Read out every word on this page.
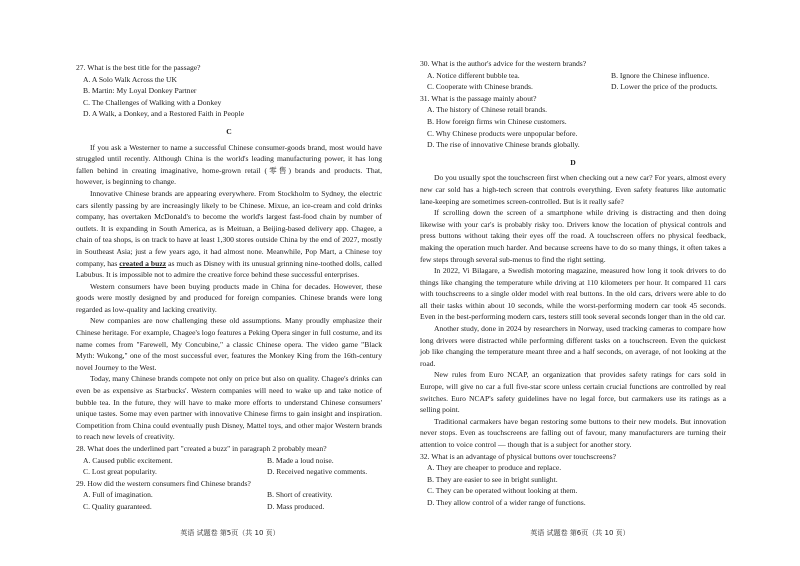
27. What is the best title for the passage?

A. A Solo Walk Across the UK

B. Martin: My Loyal Donkey Partner

C. The Challenges of Walking with a Donkey

D. A Walk, a Donkey, and a Restored Faith in People

C

If you ask a Westerner to name a successful Chinese consumer-goods brand, most would have struggled until recently. Although China is the world's leading manufacturing power, it has long fallen behind in creating imaginative, home-grown retail (零售) brands and products. That, however, is beginning to change.

Innovative Chinese brands are appearing everywhere. From Stockholm to Sydney, the electric cars silently passing by are increasingly likely to be Chinese. Mixue, an ice-cream and cold drinks company, has overtaken McDonald's to become the world's largest fast-food chain by number of outlets. It is expanding in South America, as is Meituan, a Beijing-based delivery app. Chagee, a chain of tea shops, is on track to have at least 1,300 stores outside China by the end of 2027, mostly in Southeast Asia; just a few years ago, it had almost none. Meanwhile, Pop Mart, a Chinese toy company, has created a buzz as much as Disney with its unusual grinning nine-toothed dolls, called Labubus. It is impossible not to admire the creative force behind these successful enterprises.

Western consumers have been buying products made in China for decades. However, these goods were mostly designed by and produced for foreign companies. Chinese brands were long regarded as low-quality and lacking creativity.

New companies are now challenging these old assumptions. Many proudly emphasize their Chinese heritage. For example, Chagee's logo features a Peking Opera singer in full costume, and its name comes from "Farewell, My Concubine," a classic Chinese opera. The video game "Black Myth: Wukong," one of the most successful ever, features the Monkey King from the 16th-century novel Journey to the West.

Today, many Chinese brands compete not only on price but also on quality. Chagee's drinks can even be as expensive as Starbucks'. Western companies will need to wake up and take notice of bubble tea. In the future, they will have to make more efforts to understand Chinese consumers' unique tastes. Some may even partner with innovative Chinese firms to gain insight and inspiration. Competition from China could eventually push Disney, Mattel toys, and other major Western brands to reach new levels of creativity.

28. What does the underlined part "created a buzz" in paragraph 2 probably mean?

A. Caused public excitement.	B. Made a loud noise.

C. Lost great popularity.	D. Received negative comments.

29. How did the western consumers find Chinese brands?

A. Full of imagination.	B. Short of creativity.

C. Quality guaranteed.	D. Mass produced.

英语 试题卷 第5页（共 10 页）

30. What is the author's advice for the western brands?

A. Notice different bubble tea.	B. Ignore the Chinese influence.

C. Cooperate with Chinese brands.	D. Lower the price of the products.

31. What is the passage mainly about?

A. The history of Chinese retail brands.

B. How foreign firms win Chinese customers.

C. Why Chinese products were unpopular before.

D. The rise of innovative Chinese brands globally.

D

Do you usually spot the touchscreen first when checking out a new car? For years, almost every new car sold has a high-tech screen that controls everything. Even safety features like automatic lane-keeping are sometimes screen-controlled. But is it really safe?

If scrolling down the screen of a smartphone while driving is distracting and then doing likewise with your car's is probably risky too. Drivers know the location of physical controls and press buttons without taking their eyes off the road. A touchscreen offers no physical feedback, making the operation much harder. And because screens have to do so many things, it often takes a few steps through several sub-menus to find the right setting.

In 2022, Vi Bilagare, a Swedish motoring magazine, measured how long it took drivers to do things like changing the temperature while driving at 110 kilometers per hour. It compared 11 cars with touchscreens to a single older model with real buttons. In the old cars, drivers were able to do all their tasks within about 10 seconds, while the worst-performing modern car took 45 seconds. Even in the best-performing modern cars, testers still took several seconds longer than in the old car.

Another study, done in 2024 by researchers in Norway, used tracking cameras to compare how long drivers were distracted while performing different tasks on a touchscreen. Even the quickest job like changing the temperature meant three and a half seconds, on average, of not looking at the road.

New rules from Euro NCAP, an organization that provides safety ratings for cars sold in Europe, will give no car a full five-star score unless certain crucial functions are controlled by real switches. Euro NCAP's safety guidelines have no legal force, but carmakers use its ratings as a selling point.

Traditional carmakers have began restoring some buttons to their new models. But innovation never stops. Even as touchscreens are falling out of favour, many manufacturers are turning their attention to voice control — though that is a subject for another story.

32. What is an advantage of physical buttons over touchscreens?

A. They are cheaper to produce and replace.

B. They are easier to see in bright sunlight.

C. They can be operated without looking at them.

D. They allow control of a wider range of functions.

英语 试题卷 第6页（共 10 页）
